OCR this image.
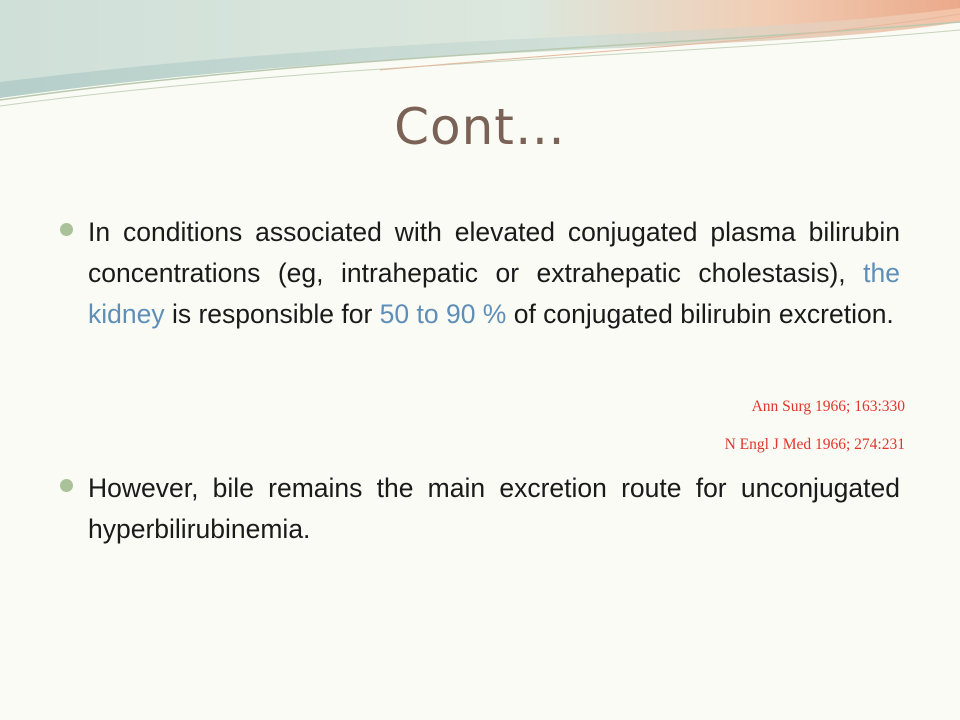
Cont…
In conditions associated with elevated conjugated plasma bilirubin concentrations (eg, intrahepatic or extrahepatic cholestasis), the kidney is responsible for 50 to 90 % of conjugated bilirubin excretion.
Ann Surg 1966; 163:330
N Engl J Med 1966; 274:231
However, bile remains the main excretion route for unconjugated hyperbilirubinemia.
